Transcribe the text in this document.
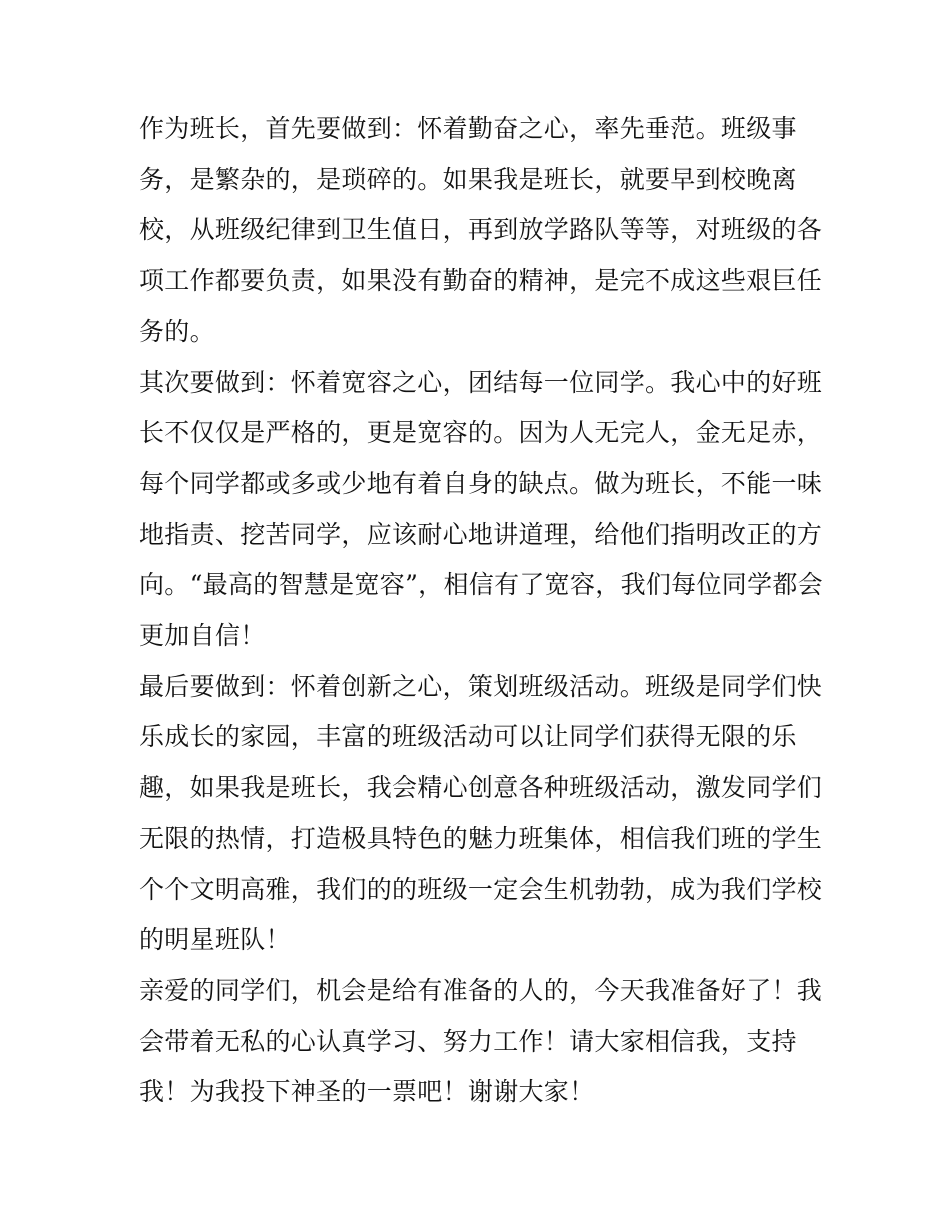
作为班长，首先要做到：怀着勤奋之心，率先垂范。班级事
务，是繁杂的，是琐碎的。如果我是班长，就要早到校晚离
校，从班级纪律到卫生值日，再到放学路队等等，对班级的各
项工作都要负责，如果没有勤奋的精神，是完不成这些艰巨任
务的。

其次要做到：怀着宽容之心，团结每一位同学。我心中的好班
长不仅仅是严格的，更是宽容的。因为人无完人，金无足赤，
每个同学都或多或少地有着自身的缺点。做为班长，不能一味
地指责、挖苦同学，应该耐心地讲道理，给他们指明改正的方
向。“最高的智慧是宽容”，相信有了宽容，我们每位同学都会
更加自信！

最后要做到：怀着创新之心，策划班级活动。班级是同学们快
乐成长的家园，丰富的班级活动可以让同学们获得无限的乐
趣，如果我是班长，我会精心创意各种班级活动，激发同学们
无限的热情，打造极具特色的魅力班集体，相信我们班的学生
个个文明高雅，我们的的班级一定会生机勃勃，成为我们学校
的明星班队！

亲爱的同学们，机会是给有准备的人的，今天我准备好了！我
会带着无私的心认真学习、努力工作！请大家相信我，支持
我！为我投下神圣的一票吧！谢谢大家！
